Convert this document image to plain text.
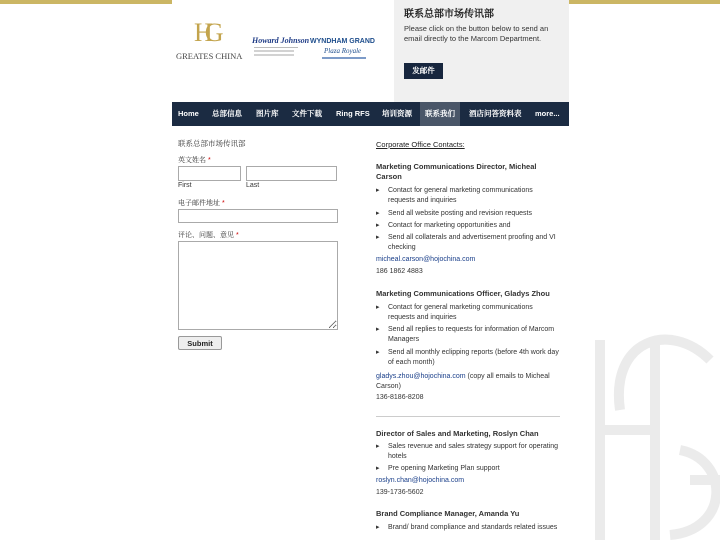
HG
GREATES CHINA
Howard Johnson WYNDHAM GRAND
Plaza Royale
联系总部市场传讯部

Please click on the button below to send an email directly to the Marcom Department.

发邮件
Home 总部信息 图片库 文件下载 Ring RFS 培训资源	联系我们	酒店问答资料表 more...
联系总部市场传讯部
英文姓名 *
First	Last
电子邮件地址 *
评论、问题、意见 *
Submit
Corporate Office Contacts:
Marketing Communications Director, Micheal Carson
▸ Contact for general marketing communications requests and inquiries
▸ Send all website posting and revision requests
▸ Contact for marketing opportunities and
▸ Send all collaterals and advertisement proofing and VI checking
micheal.carson@hojochina.com
186 1862 4883
Marketing Communications Officer, Gladys Zhou
▸ Contact for general marketing communications requests and inquiries
▸ Send all replies to requests for information of Marcom Managers
▸ Send all monthly eclipping reports (before 4th work day of each month)
gladys.zhou@hojochina.com (copy all emails to Micheal Carson)
136-8186-8208
Director of Sales and Marketing, Roslyn Chan
▸ Sales revenue and sales strategy support for operating hotels
▸ Pre opening Marketing Plan support
roslyn.chan@hojochina.com
139-1736-5602
Brand Compliance Manager, Amanda Yu
▸ Brand/ brand compliance and standards related issues
